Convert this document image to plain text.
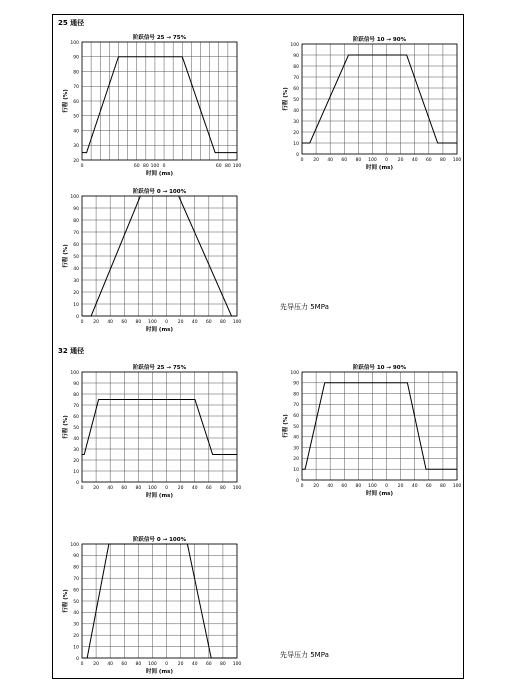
25 通径
先导压力 5MPa
32 通径
先导压力 5MPa
阶跃信号 25 → 75%
20
30
40
50
60
70
80
90
100
0	60 80 100 0	60 80 100
时间 (ms)
行程 (%)
阶跃信号 10 → 90%
0
10
20
30
40
50
60
70
80
90
100
0 20 40 60 80 100 0 20 40 60 80 100
时间 (ms)
行程 (%)
阶跃信号 0 → 100%
0
10
20
30
40
50
60
70
80
90
100
0 20 40 60 80 100 0 20 40 60 80 100
时间 (ms)
行程 (%)
阶跃信号 25 → 75%
0
10
20
30
40
50
60
70
80
90
100
0 20 40 60 80 100 0 20 40 60 80 100
时间 (ms)
行程 (%)
阶跃信号 10 → 90%
0
10
20
30
40
50
60
70
80
90
100
0 20 40 60 80 100 0 20 40 60 80 100
时间 (ms)
行程 (%)
阶跃信号 0 → 100%
0
10
20
30
40
50
60
70
80
90
100
0 20 40 60 80 100 0 20 40 60 80 100
时间 (ms)
行程 (%)
